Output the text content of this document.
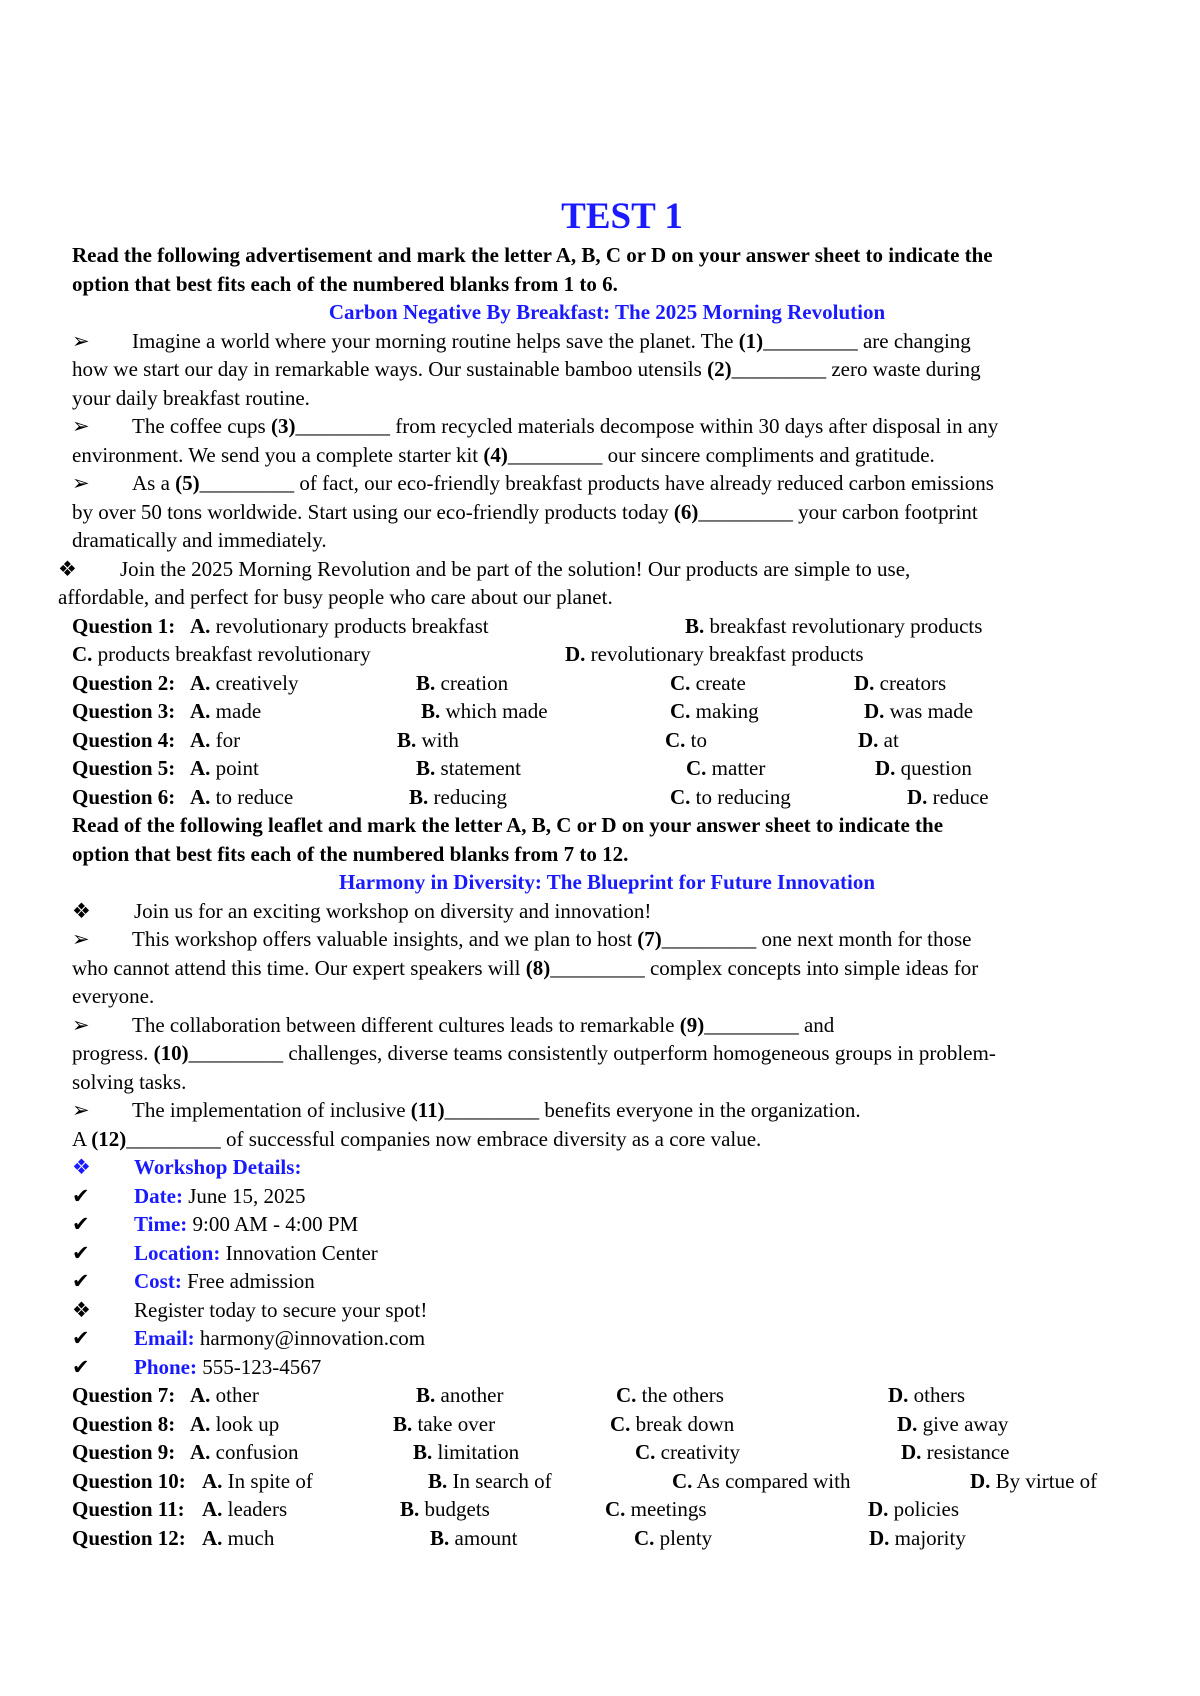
TEST 1

Read the following advertisement and mark the letter A, B, C or D on your answer sheet to indicate the

option that best fits each of the numbered blanks from 1 to 6.

Carbon Negative By Breakfast: The 2025 Morning Revolution

➢ Imagine a world where your morning routine helps save the planet. The (1)_________ are changing
how we start our day in remarkable ways. Our sustainable bamboo utensils (2)_________ zero waste during
your daily breakfast routine.

➢ The coffee cups (3)_________ from recycled materials decompose within 30 days after disposal in any
environment. We send you a complete starter kit (4)_________ our sincere compliments and gratitude.

➢ As a (5)_________ of fact, our eco-friendly breakfast products have already reduced carbon emissions
by over 50 tons worldwide. Start using our eco-friendly products today (6)_________ your carbon footprint
dramatically and immediately.

❖ Join the 2025 Morning Revolution and be part of the solution! Our products are simple to use,
affordable, and perfect for busy people who care about our planet.

Question 1: A. revolutionary products breakfast	B. breakfast revolutionary products
C. products breakfast revolutionary	D. revolutionary breakfast products
Question 2: A. creatively	B. creation	C. create	D. creators
Question 3: A. made	B. which made	C. making	D. was made
Question 4: A. for	B. with	C. to	D. at
Question 5: A. point	B. statement	C. matter	D. question
Question 6: A. to reduce	B. reducing	C. to reducing	D. reduce

Read of the following leaflet and mark the letter A, B, C or D on your answer sheet to indicate the

option that best fits each of the numbered blanks from 7 to 12.

Harmony in Diversity: The Blueprint for Future Innovation

❖ Join us for an exciting workshop on diversity and innovation!

➢ This workshop offers valuable insights, and we plan to host (7)_________ one next month for those
who cannot attend this time. Our expert speakers will (8)_________ complex concepts into simple ideas for
everyone.

➢ The collaboration between different cultures leads to remarkable (9)_________ and
progress. (10)_________ challenges, diverse teams consistently outperform homogeneous groups in problem-
solving tasks.

➢ The implementation of inclusive (11)_________ benefits everyone in the organization.
A (12)_________ of successful companies now embrace diversity as a core value.

❖ Workshop Details:

✔ Date: June 15, 2025

✔ Time: 9:00 AM - 4:00 PM

✔ Location: Innovation Center

✔ Cost: Free admission

❖ Register today to secure your spot!

✔ Email: harmony@innovation.com

✔ Phone: 555-123-4567

Question 7: A. other	B. another	C. the others	D. others
Question 8: A. look up	B. take over	C. break down	D. give away
Question 9: A. confusion	B. limitation	C. creativity	D. resistance
Question 10: A. In spite of	B. In search of	C. As compared with	D. By virtue of
Question 11: A. leaders	B. budgets	C. meetings	D. policies
Question 12: A. much	B. amount	C. plenty	D. majority
